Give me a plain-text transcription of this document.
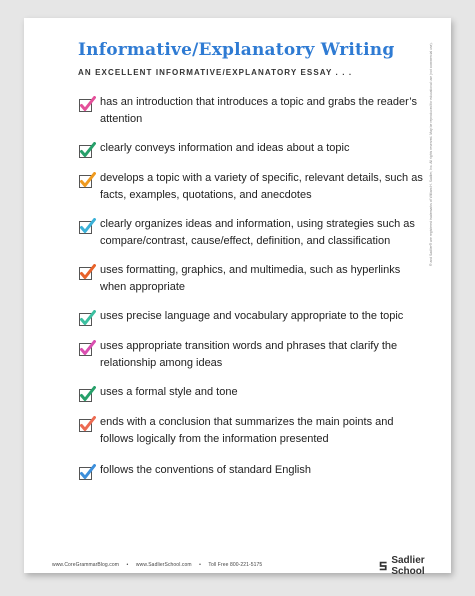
Informative/Explanatory Writing

AN EXCELLENT INFORMATIVE/EXPLANATORY ESSAY . . .

has an introduction that introduces a topic and grabs the reader’s attention
clearly conveys information and ideas about a topic
develops a topic with a variety of specific, relevant details, such as facts, examples, quotations, and anecdotes
clearly organizes ideas and information, using strategies such as compare/contrast, cause/effect, definition, and classification
uses formatting, graphics, and multimedia, such as hyperlinks when appropriate
uses precise language and vocabulary appropriate to the topic
uses appropriate transition words and phrases that clarify the relationship among ideas
uses a formal style and tone
ends with a conclusion that summarizes the main points and follows logically from the information presented
follows the conventions of standard English
® and Sadlier® are registered trademarks of William H. Sadlier, Inc. All rights reserved. May be reproduced for educational use (not commercial use).
www.CoreGrammarBlog.com • www.SadlierSchool.com • Toll Free 800-221-5175	Sadlier School
